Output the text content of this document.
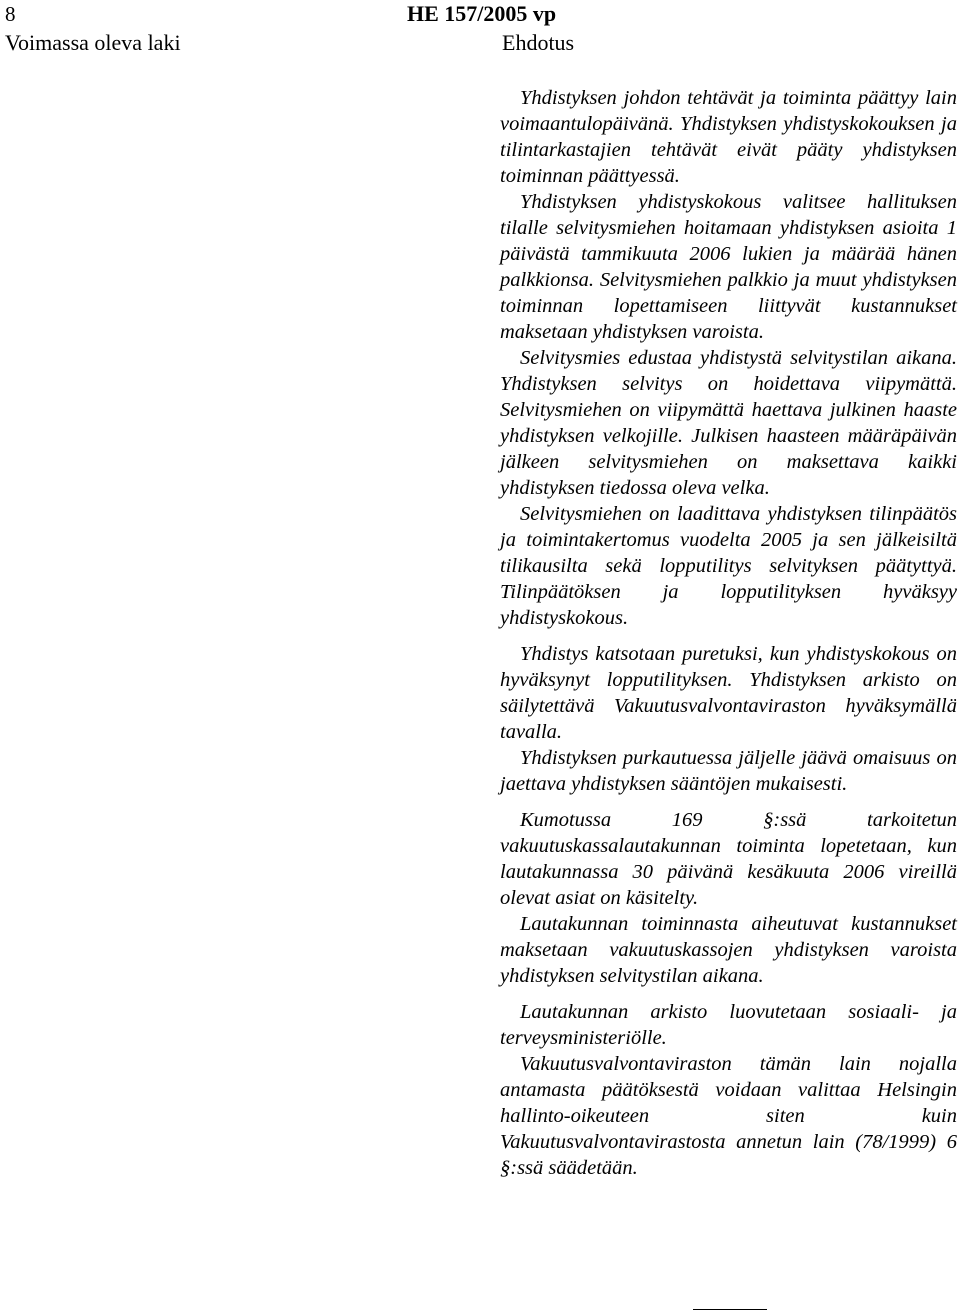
8	HE 157/2005 vp
Voimassa oleva laki	Ehdotus

Yhdistyksen johdon tehtävät ja toiminta päättyy lain voimaantulopäivänä. Yhdistyksen yhdistyskokouksen ja tilintarkastajien tehtävät eivät pääty yhdistyksen toiminnan päättyessä.

Yhdistyksen yhdistyskokous valitsee hallituksen tilalle selvitysmiehen hoitamaan yhdistyksen asioita 1 päivästä tammikuuta 2006 lukien ja määrää hänen palkkionsa. Selvitysmiehen palkkio ja muut yhdistyksen toiminnan lopettamiseen liittyvät kustannukset maksetaan yhdistyksen varoista.

Selvitysmies edustaa yhdistystä selvitystilan aikana. Yhdistyksen selvitys on hoidettava viipymättä. Selvitysmiehen on viipymättä haettava julkinen haaste yhdistyksen velkojille. Julkisen haasteen määräpäivän jälkeen selvitysmiehen on maksettava kaikki yhdistyksen tiedossa oleva velka.

Selvitysmiehen on laadittava yhdistyksen tilinpäätös ja toimintakertomus vuodelta 2005 ja sen jälkeisiltä tilikausilta sekä lopputilitys selvityksen päätyttyä. Tilinpäätöksen ja lopputilityksen hyväksyy yhdistyskokous.

Yhdistys katsotaan puretuksi, kun yhdistyskokous on hyväksynyt lopputilityksen. Yhdistyksen arkisto on säilytettävä Vakuutusvalvontaviraston hyväksymällä tavalla.

Yhdistyksen purkautuessa jäljelle jäävä omaisuus on jaettava yhdistyksen sääntöjen mukaisesti.

Kumotussa 169 §:ssä tarkoitetun vakuutuskassalautakunnan toiminta lopetetaan, kun lautakunnassa 30 päivänä kesäkuuta 2006 vireillä olevat asiat on käsitelty.

Lautakunnan toiminnasta aiheutuvat kustannukset maksetaan vakuutuskassojen yhdistyksen varoista yhdistyksen selvitystilan aikana.

Lautakunnan arkisto luovutetaan sosiaali- ja terveysministeriölle.

Vakuutusvalvontaviraston tämän lain nojalla antamasta päätöksestä voidaan valittaa Helsingin hallinto-oikeuteen siten kuin Vakuutusvalvontavirastosta annetun lain (78/1999) 6 §:ssä säädetään.
